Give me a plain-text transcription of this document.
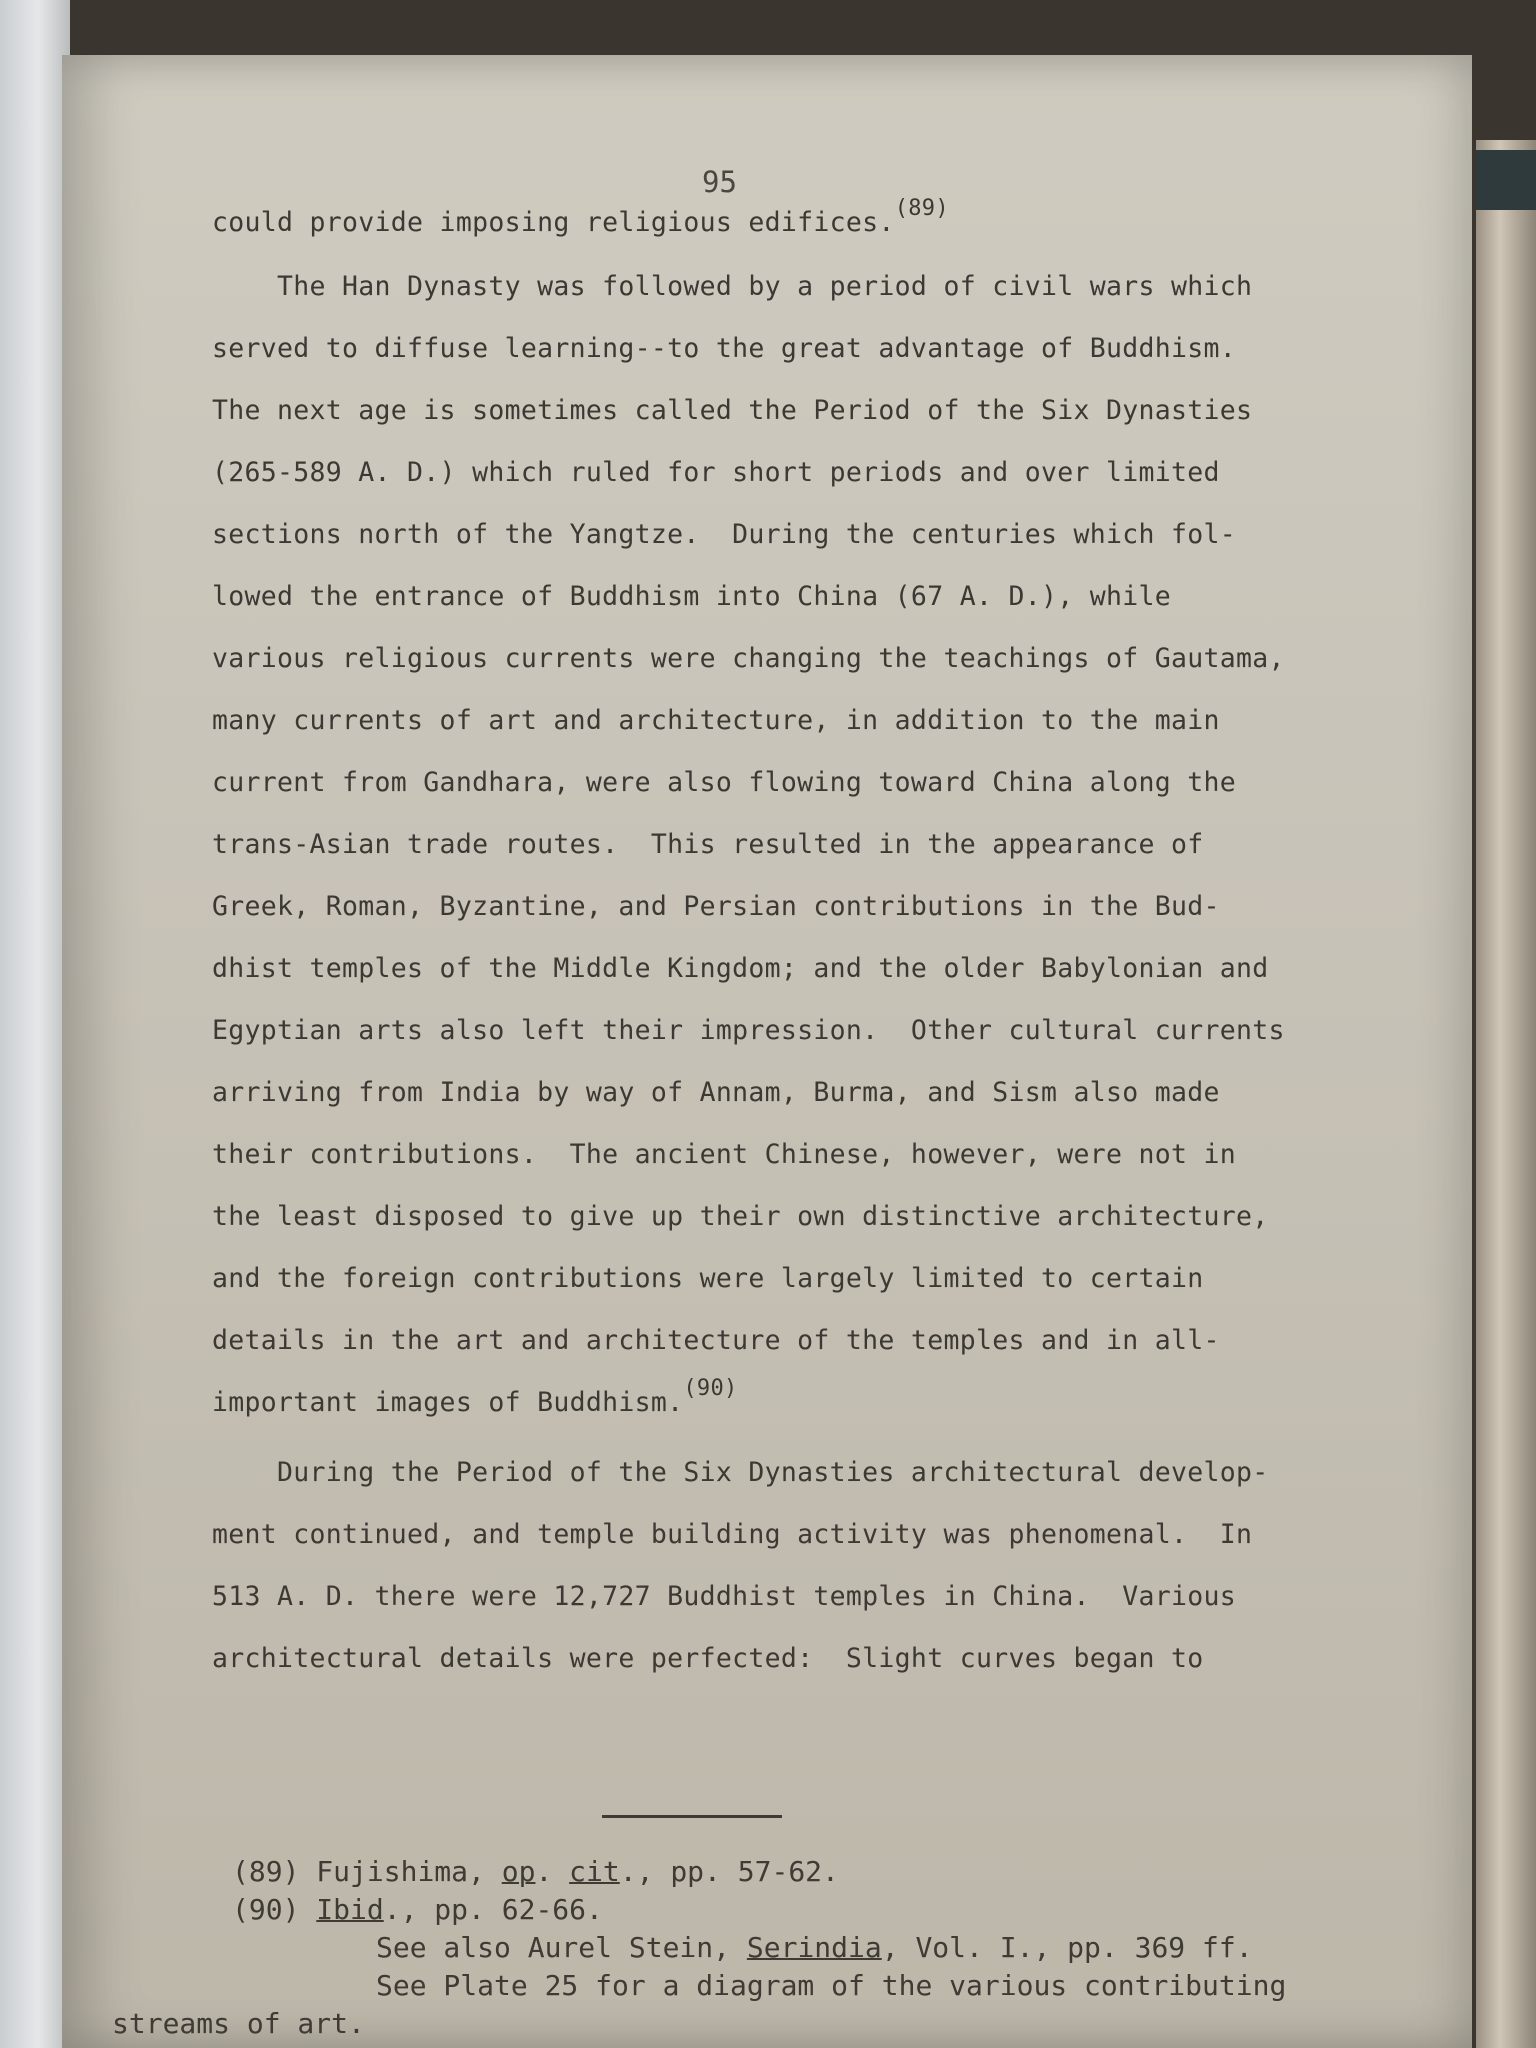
95

could provide imposing religious edifices.$^{(89)}$

The Han Dynasty was followed by a period of civil wars which

served to diffuse learning--to the great advantage of Buddhism.

The next age is sometimes called the Period of the Six Dynasties

(265-589 A. D.) which ruled for short periods and over limited

sections north of the Yangtze.  During the centuries which fol-

lowed the entrance of Buddhism into China (67 A. D.), while

various religious currents were changing the teachings of Gautama,

many currents of art and architecture, in addition to the main

current from Gandhara, were also flowing toward China along the

trans-Asian trade routes.  This resulted in the appearance of

Greek, Roman, Byzantine, and Persian contributions in the Bud-

dhist temples of the Middle Kingdom; and the older Babylonian and

Egyptian arts also left their impression.  Other cultural currents

arriving from India by way of Annam, Burma, and Sism also made

their contributions.  The ancient Chinese, however, were not in

the least disposed to give up their own distinctive architecture,

and the foreign contributions were largely limited to certain

details in the art and architecture of the temples and in all-

important images of Buddhism.$^{(90)}$

During the Period of the Six Dynasties architectural develop-

ment continued, and temple building activity was phenomenal.  In

513 A. D. there were 12,727 Buddhist temples in China.  Various

architectural details were perfected:  Slight curves began to

(89) Fujishima, op. cit., pp. 57-62.
(90) Ibid., pp. 62-66.
See also Aurel Stein, Serindia, Vol. I., pp. 369 ff.
See Plate 25 for a diagram of the various contributing
streams of art.
